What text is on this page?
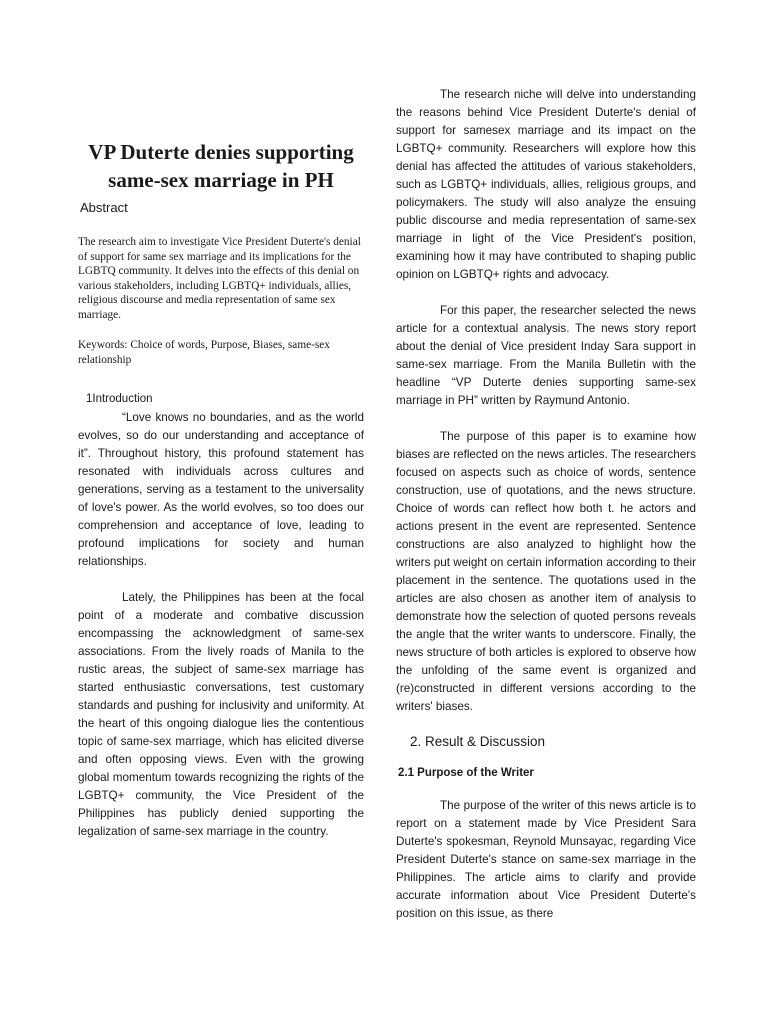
VP Duterte denies supporting same-sex marriage in PH
Abstract

The research aim to investigate Vice President Duterte's denial of support for same sex marriage and its implications for the LGBTQ community. It delves into the effects of this denial on various stakeholders, including LGBTQ+ individuals, allies, religious discourse and media representation of same sex marriage.

Keywords: Choice of words, Purpose, Biases, same-sex relationship

1Introduction

“Love knows no boundaries, and as the world evolves, so do our understanding and acceptance of it”. Throughout history, this profound statement has resonated with individuals across cultures and generations, serving as a testament to the universality of love's power. As the world evolves, so too does our comprehension and acceptance of love, leading to profound implications for society and human relationships.

Lately, the Philippines has been at the focal point of a moderate and combative discussion encompassing the acknowledgment of same-sex associations. From the lively roads of Manila to the rustic areas, the subject of same-sex marriage has started enthusiastic conversations, test customary standards and pushing for inclusivity and uniformity. At the heart of this ongoing dialogue lies the contentious topic of same-sex marriage, which has elicited diverse and often opposing views. Even with the growing global momentum towards recognizing the rights of the LGBTQ+ community, the Vice President of the Philippines has publicly denied supporting the legalization of same-sex marriage in the country.

The research niche will delve into understanding the reasons behind Vice President Duterte's denial of support for samesex marriage and its impact on the LGBTQ+ community. Researchers will explore how this denial has affected the attitudes of various stakeholders, such as LGBTQ+ individuals, allies, religious groups, and policymakers. The study will also analyze the ensuing public discourse and media representation of same-sex marriage in light of the Vice President's position, examining how it may have contributed to shaping public opinion on LGBTQ+ rights and advocacy.

For this paper, the researcher selected the news article for a contextual analysis. The news story report about the denial of Vice president Inday Sara support in same-sex marriage. From the Manila Bulletin with the headline “VP Duterte denies supporting same-sex marriage in PH” written by Raymund Antonio.

The purpose of this paper is to examine how biases are reflected on the news articles. The researchers focused on aspects such as choice of words, sentence construction, use of quotations, and the news structure. Choice of words can reflect how both t. he actors and actions present in the event are represented. Sentence constructions are also analyzed to highlight how the writers put weight on certain information according to their placement in the sentence. The quotations used in the articles are also chosen as another item of analysis to demonstrate how the selection of quoted persons reveals the angle that the writer wants to underscore. Finally, the news structure of both articles is explored to observe how the unfolding of the same event is organized and (re)constructed in different versions according to the writers' biases.

2. Result & Discussion
2.1 Purpose of the Writer

The purpose of the writer of this news article is to report on a statement made by Vice President Sara Duterte's spokesman, Reynold Munsayac, regarding Vice President Duterte's stance on same-sex marriage in the Philippines. The article aims to clarify and provide accurate information about Vice President Duterte's position on this issue, as there
